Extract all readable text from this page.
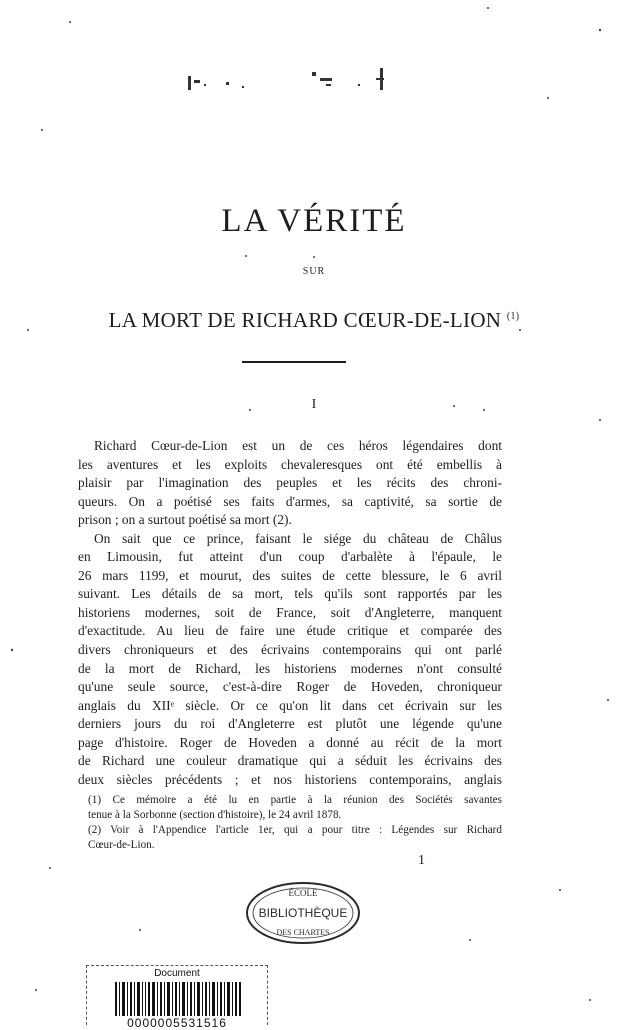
LA VÉRITÉ
SUR
LA MORT DE RICHARD CŒUR-DE-LION $^{(1)}$
I
Richard Cœur-de-Lion est un de ces héros légendaires dont
les aventures et les exploits chevaleresques ont été embellis à
plaisir par l'imagination des peuples et les récits des chroni-
queurs. On a poétisé ses faits d'armes, sa captivité, sa sortie de
prison ; on a surtout poétisé sa mort (2).
On sait que ce prince, faisant le siége du château de Châlus
en Limousin, fut atteint d'un coup d'arbalète à l'épaule, le
26 mars 1199, et mourut, des suites de cette blessure, le 6 avril
suivant. Les détails de sa mort, tels qu'ils sont rapportés par les
historiens modernes, soit de France, soit d'Angleterre, manquent
d'exactitude. Au lieu de faire une étude critique et comparée des
divers chroniqueurs et des écrivains contemporains qui ont parlé
de la mort de Richard, les historiens modernes n'ont consulté
qu'une seule source, c'est-à-dire Roger de Hoveden, chroniqueur
anglais du XIIᵉ siècle. Or ce qu'on lit dans cet écrivain sur les
derniers jours du roi d'Angleterre est plutôt une légende qu'une
page d'histoire. Roger de Hoveden a donné au récit de la mort
de Richard une couleur dramatique qui a séduit les écrivains des
deux siècles précédents ; et nos historiens contemporains, anglais
(1) Ce mémoire a été lu en partie à la réunion des Sociétés savantes
tenue à la Sorbonne (section d'histoire), le 24 avril 1878.
(2) Voir à l'Appendice l'article 1er, qui a pour titre : Légendes sur Richard
Cœur-de-Lion.
1
ÉCOLE
BIBLIOTHÈQUE
DES CHARTES
Document
0000005531516
